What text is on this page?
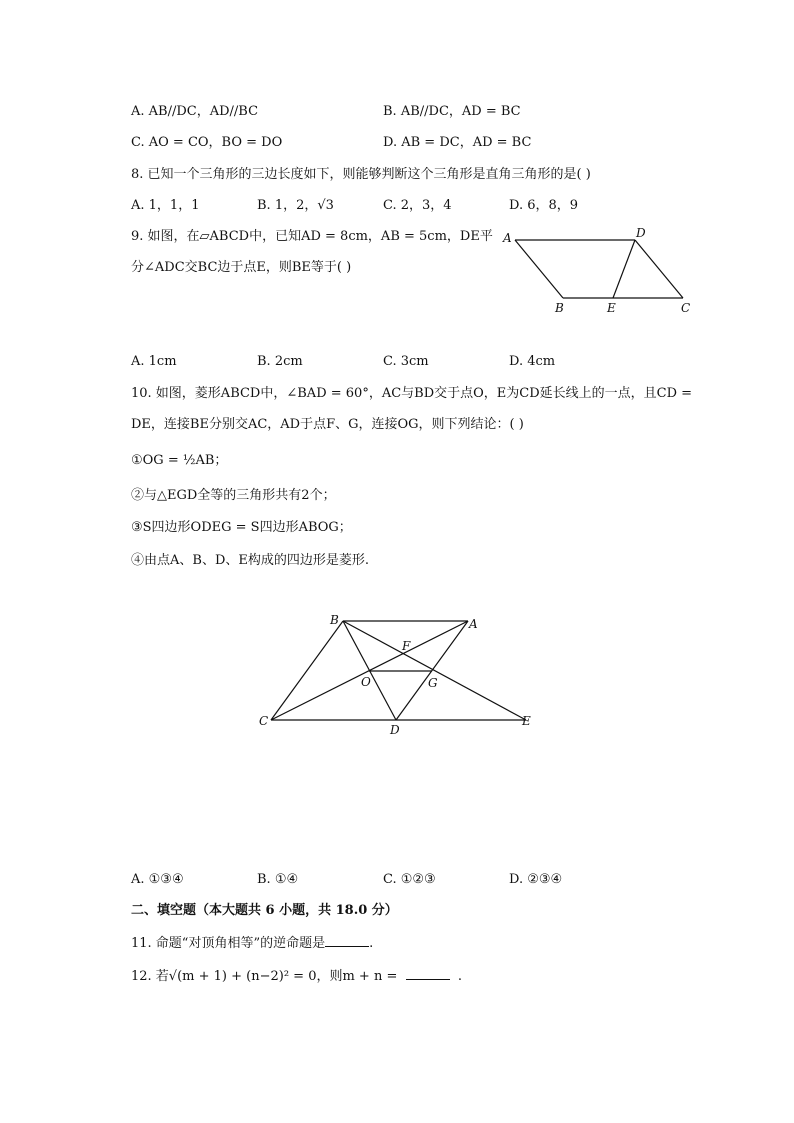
A. AB//DC，AD//BC	B. AB//DC，AD = BC
C. AO = CO，BO = DO	D. AB = DC，AD = BC
8. 已知一个三角形的三边长度如下，则能够判断这个三角形是直角三角形的是( )
A. 1，1，1	B. 1，2，√3	C. 2，3，4	D. 6，8，9
9. 如图，在▱ABCD中，已知AD = 8cm，AB = 5cm，DE平
分∠ADC交BC边于点E，则BE等于( )
A	D
B	E	C
A. 1cm	B. 2cm	C. 3cm	D. 4cm
10. 如图，菱形ABCD中，∠BAD = 60°，AC与BD交于点O，E为CD延长线上的一点，且CD =
DE，连接BE分别交AC，AD于点F、G，连接OG，则下列结论：( )
①OG = ½AB；
②与△EGD全等的三角形共有2个；
③S四边形ODEG = S四边形ABOG；
④由点A、B、D、E构成的四边形是菱形.
B	A
F
O	G
C
D
E
A. ①③④	B. ①④	C. ①②③	D. ②③④
二、填空题（本大题共 6 小题，共 18.0 分）
11. 命题“对顶角相等”的逆命题是	.
12. 若√(m + 1) + (n−2)² = 0，则m + n =	.
